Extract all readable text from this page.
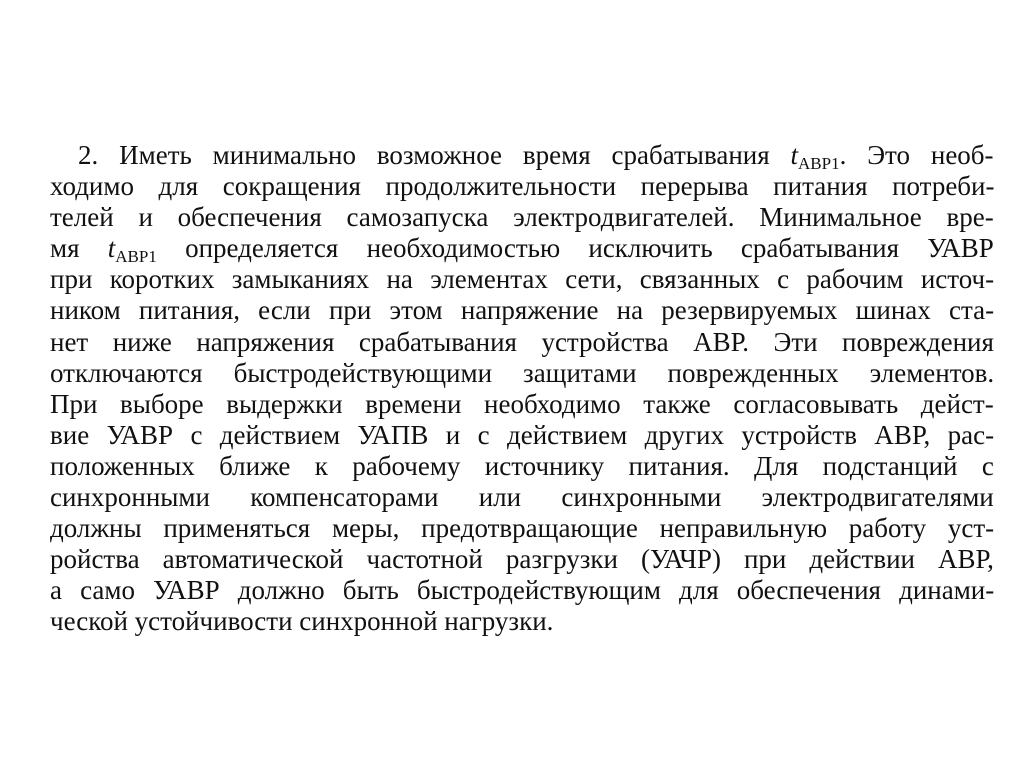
2. Иметь минимально возможное время срабатывания $t_{АВР1}$. Это необ-
ходимо для сокращения продолжительности перерыва питания потреби-
телей и обеспечения самозапуска электродвигателей. Минимальное вре-
мя $t_{АВР1}$ определяется необходимостью исключить срабатывания УАВР
при коротких замыканиях на элементах сети, связанных с рабочим источ-
ником питания, если при этом напряжение на резервируемых шинах ста-
нет ниже напряжения срабатывания устройства АВР. Эти повреждения
отключаются быстродействующими защитами поврежденных элементов.
При выборе выдержки времени необходимо также согласовывать дейст-
вие УАВР с действием УАПВ и с действием других устройств АВР, рас-
положенных ближе к рабочему источнику питания. Для подстанций с
синхронными компенсаторами или синхронными электродвигателями
должны применяться меры, предотвращающие неправильную работу уст-
ройства автоматической частотной разгрузки (УАЧР) при действии АВР,
а само УАВР должно быть быстродействующим для обеспечения динами-
ческой устойчивости синхронной нагрузки.
